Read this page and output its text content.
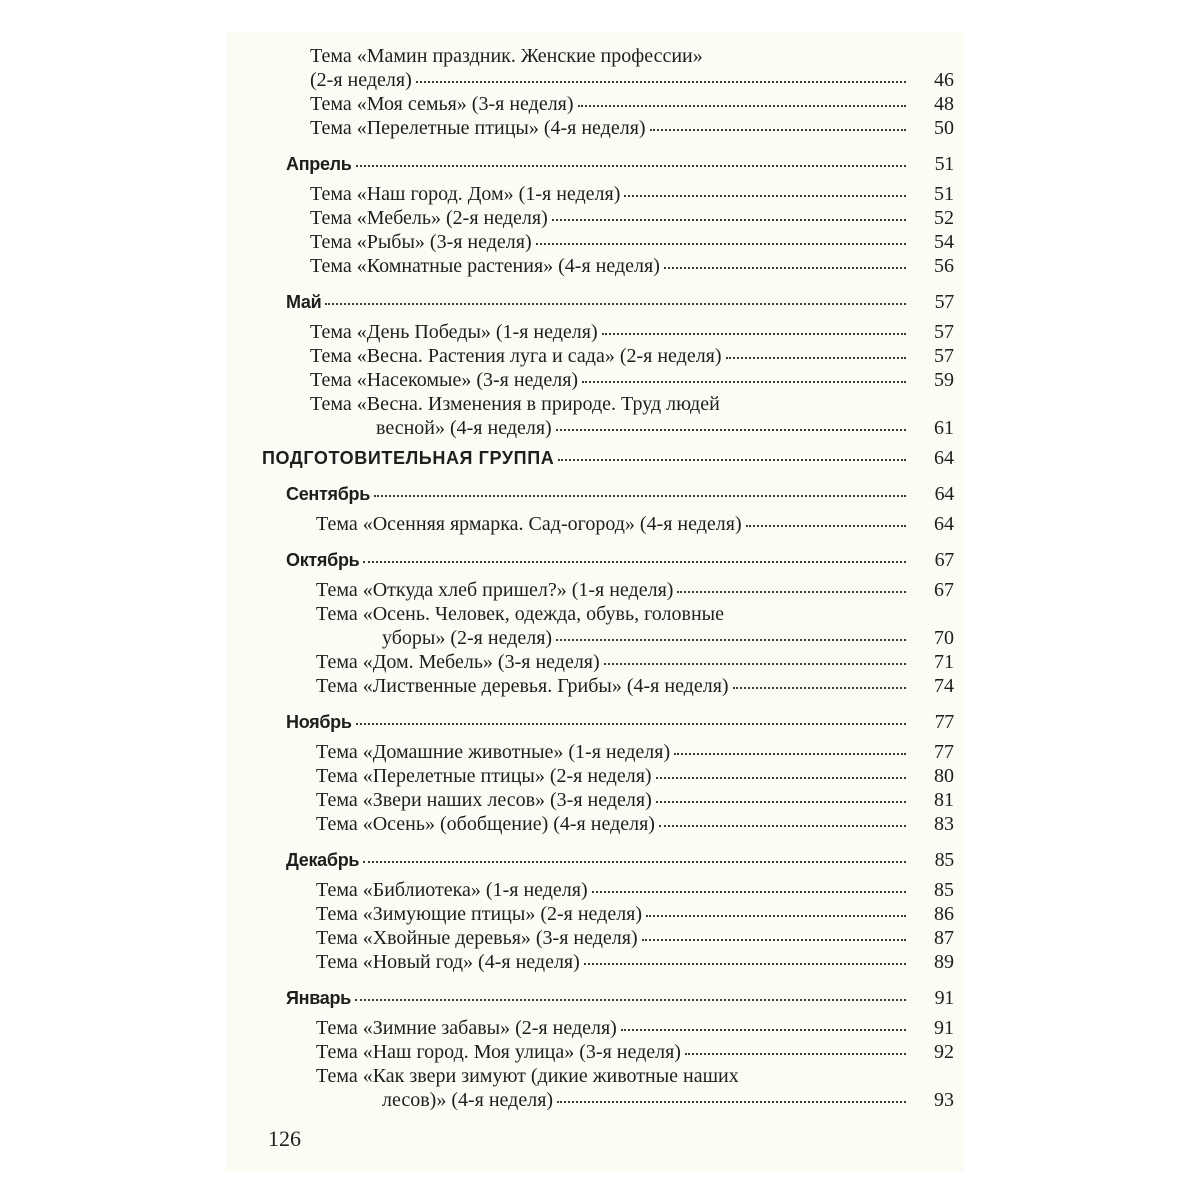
Тема «Мамин праздник. Женские профессии»
(2-я неделя)	46
Тема «Моя семья» (3-я неделя)	48
Тема «Перелетные птицы» (4-я неделя)	50
Апрель	51
Тема «Наш город. Дом» (1-я неделя)	51
Тема «Мебель» (2-я неделя)	52
Тема «Рыбы» (3-я неделя)	54
Тема «Комнатные растения» (4-я неделя)	56
Май	57
Тема «День Победы» (1-я неделя)	57
Тема «Весна. Растения луга и сада» (2-я неделя)	57
Тема «Насекомые» (3-я неделя)	59
Тема «Весна. Изменения в природе. Труд людей
весной» (4-я неделя)	61
ПОДГОТОВИТЕЛЬНАЯ ГРУППА	64
Сентябрь	64
Тема «Осенняя ярмарка. Сад-огород» (4-я неделя)	64
Октябрь	67
Тема «Откуда хлеб пришел?» (1-я неделя)	67
Тема «Осень. Человек, одежда, обувь, головные
уборы» (2-я неделя)	70
Тема «Дом. Мебель» (3-я неделя)	71
Тема «Лиственные деревья. Грибы» (4-я неделя)	74
Ноябрь	77
Тема «Домашние животные» (1-я неделя)	77
Тема «Перелетные птицы» (2-я неделя)	80
Тема «Звери наших лесов» (3-я неделя)	81
Тема «Осень» (обобщение) (4-я неделя)	83
Декабрь	85
Тема «Библиотека» (1-я неделя)	85
Тема «Зимующие птицы» (2-я неделя)	86
Тема «Хвойные деревья» (3-я неделя)	87
Тема «Новый год» (4-я неделя)	89
Январь	91
Тема «Зимние забавы» (2-я неделя)	91
Тема «Наш город. Моя улица» (3-я неделя)	92
Тема «Как звери зимуют (дикие животные наших
лесов)» (4-я неделя)	93
126
